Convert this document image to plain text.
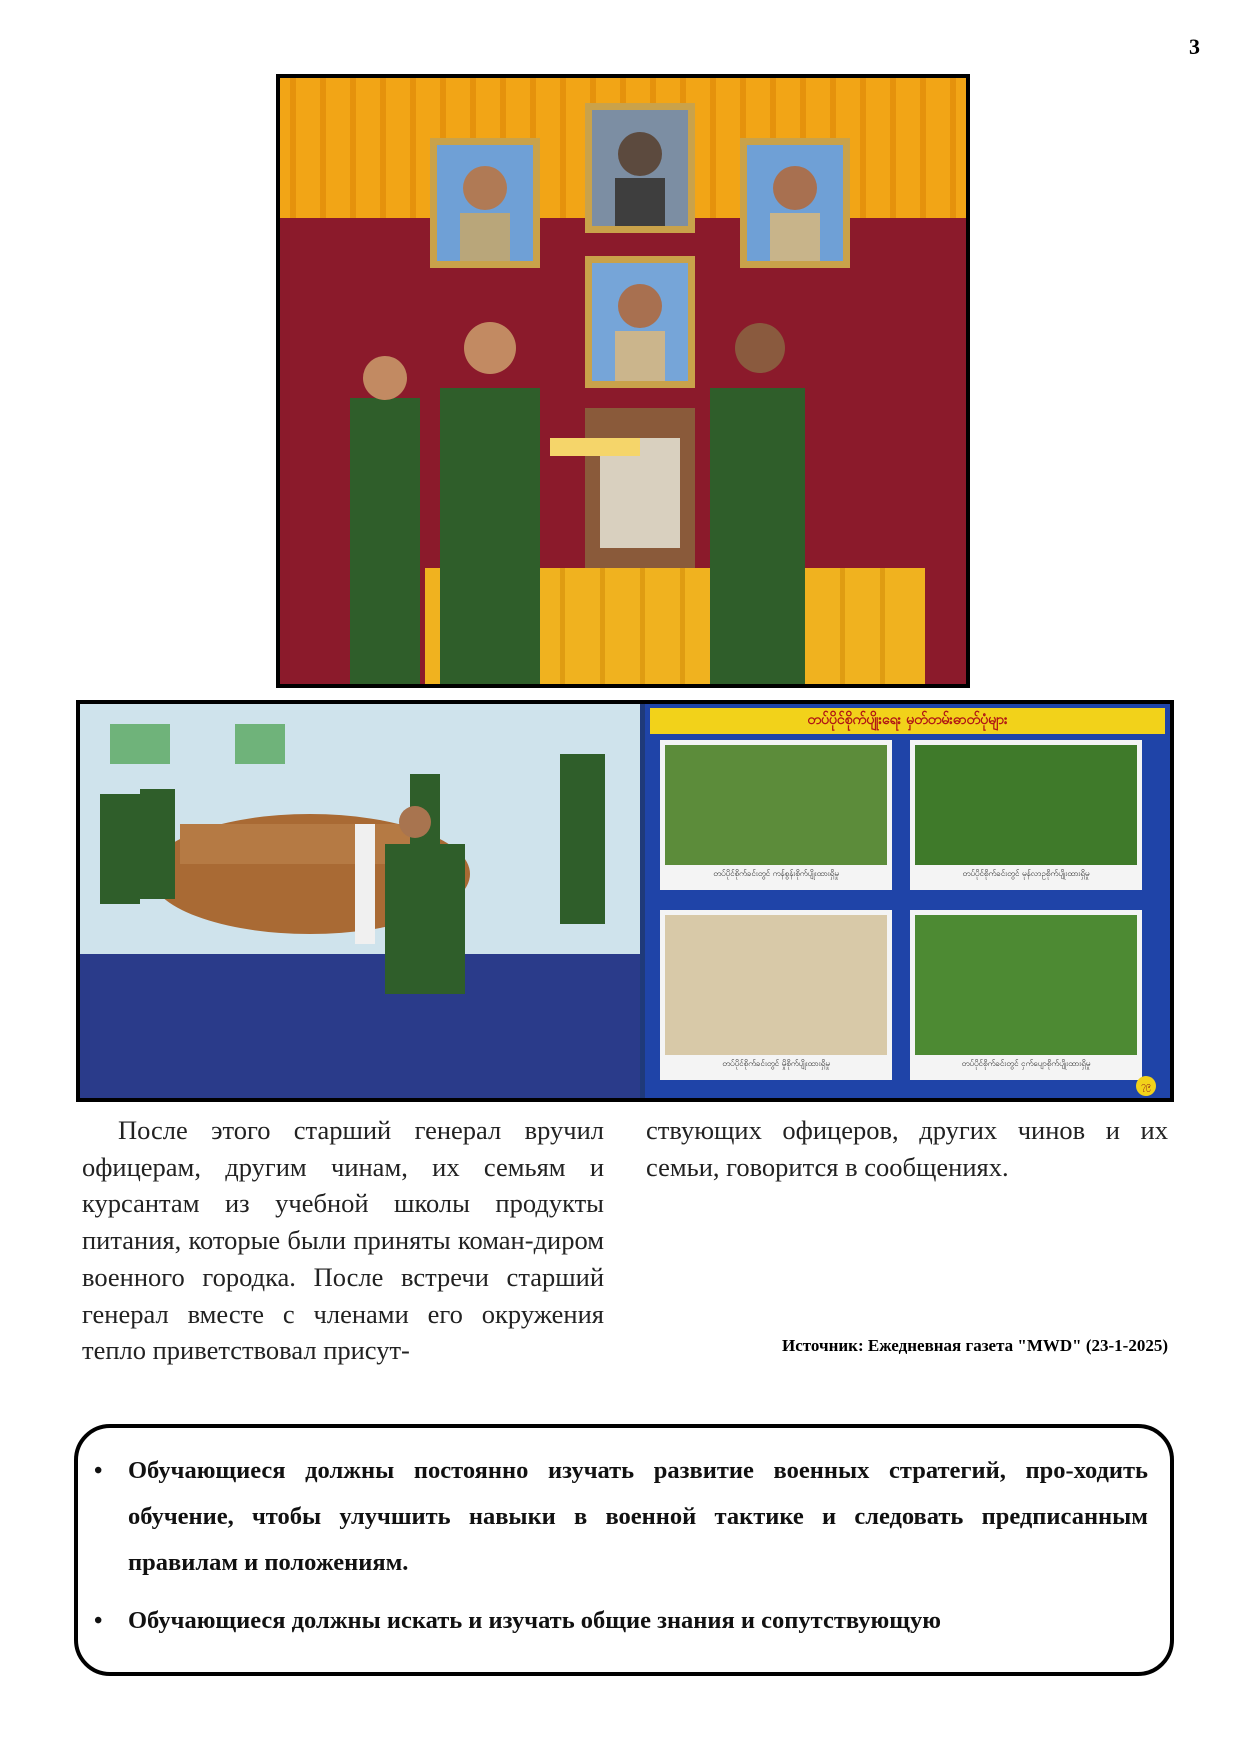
3
တပ်ပိုင်စိုက်ပျိုးရေး မှတ်တမ်းဓာတ်ပုံများ
တပ်ပိုင်စိုက်ခင်းတွင် ကန်စွန်းစိုက်ပျိုးထားရှိမှု	တပ်ပိုင်စိုက်ခင်းတွင် မုန်လာဥစိုက်ပျိုးထားရှိမှု
တပ်ပိုင်စိုက်ခင်းတွင် မှိုစိုက်ပျိုးထားရှိမှု	တပ်ပိုင်စိုက်ခင်းတွင် ငှက်ပျောစိုက်ပျိုးထားရှိမှု
၇၉
После этого старший генерал вручил офицерам, другим чинам, их семьям и курсантам из учебной школы продукты питания, которые были приняты коман-диром военного городка. После встречи старший генерал вместе с членами его окружения тепло приветствовал присут-
ствующих офицеров, других чинов и их семьи, говорится в сообщениях.
Источник: Ежедневная газета "MWD" (23-1-2025)
• Обучающиеся должны постоянно изучать развитие военных стратегий, про-ходить обучение, чтобы улучшить навыки в военной тактике и следовать предписанным правилам и положениям.
• Обучающиеся должны искать и изучать общие знания и сопутствующую
